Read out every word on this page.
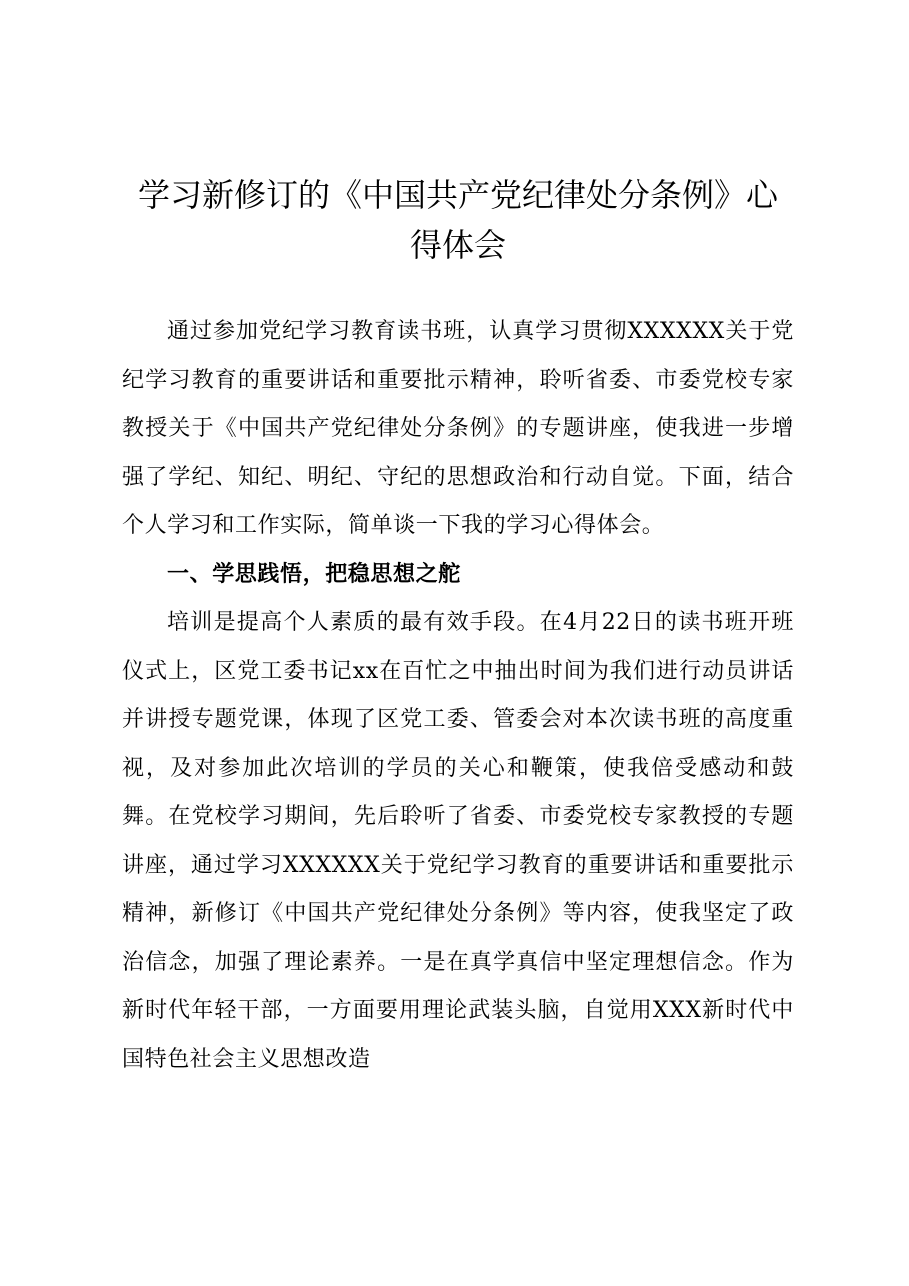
学习新修订的《中国共产党纪律处分条例》心
得体会

通过参加党纪学习教育读书班，认真学习贯彻XXXXXX关于党纪学习教育的重要讲话和重要批示精神，聆听省委、市委党校专家教授关于《中国共产党纪律处分条例》的专题讲座，使我进一步增强了学纪、知纪、明纪、守纪的思想政治和行动自觉。下面，结合个人学习和工作实际，简单谈一下我的学习心得体会。

一、学思践悟，把稳思想之舵

培训是提高个人素质的最有效手段。在4月22日的读书班开班仪式上，区党工委书记xx在百忙之中抽出时间为我们进行动员讲话并讲授专题党课，体现了区党工委、管委会对本次读书班的高度重视，及对参加此次培训的学员的关心和鞭策，使我倍受感动和鼓舞。在党校学习期间，先后聆听了省委、市委党校专家教授的专题讲座，通过学习XXXXXX关于党纪学习教育的重要讲话和重要批示精神，新修订《中国共产党纪律处分条例》等内容，使我坚定了政治信念，加强了理论素养。一是在真学真信中坚定理想信念。作为新时代年轻干部，一方面要用理论武装头脑，自觉用XXX新时代中国特色社会主义思想改造
